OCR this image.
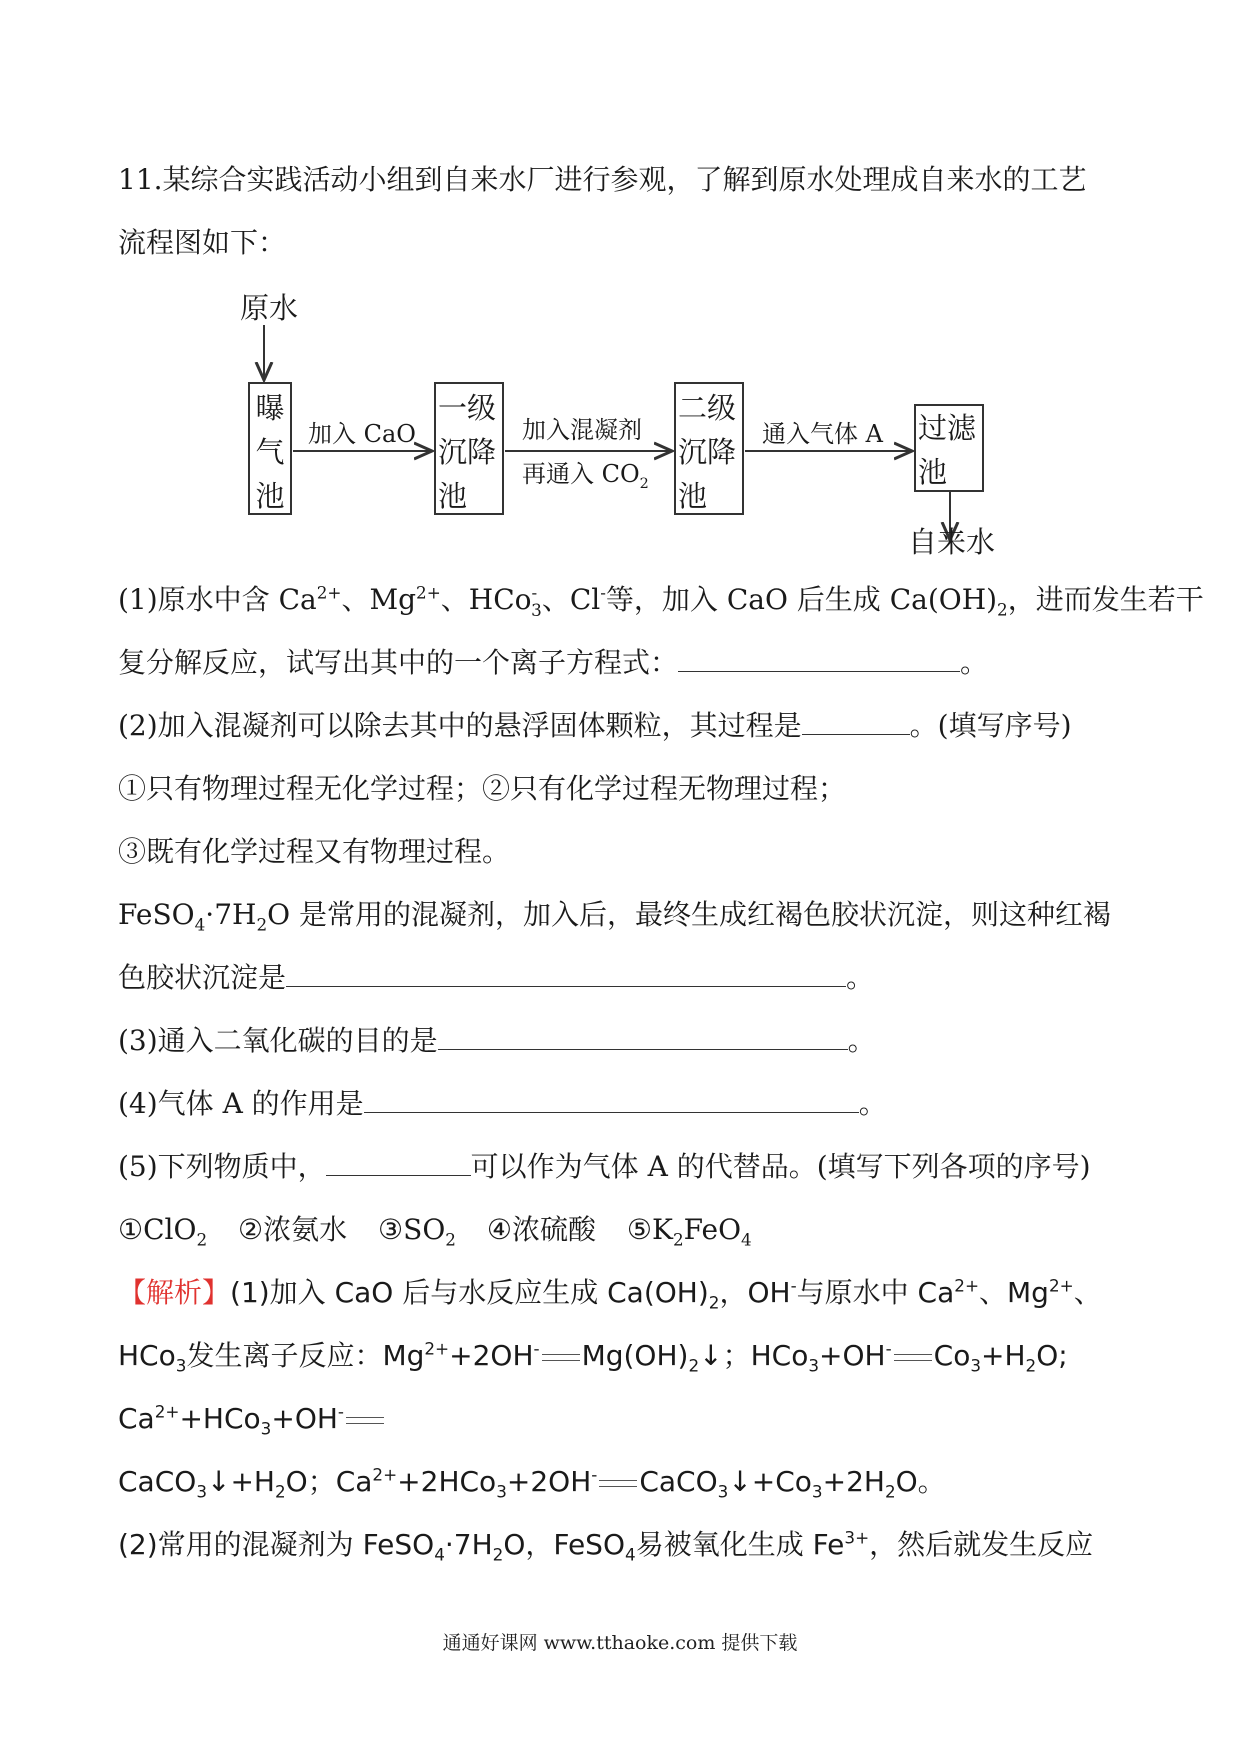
11.某综合实践活动小组到自来水厂进行参观，了解到原水处理成自来水的工艺
流程图如下：
原水
曝
气
池
加入 CaO
一级
沉降
池
加入混凝剂
再通入 $CO_2$
二级
沉降
池
通入气体 A 过滤
池
自来水
(1)原水中含 $Ca^{2+}$、$Mg^{2+}$、HCo-$_3$、Cl-等，加入 CaO 后生成 $Ca(OH)_2$，进而发生若干
复分解反应，试写出其中的一个离子方程式：	。
(2)加入混凝剂可以除去其中的悬浮固体颗粒，其过程是	。(填写序号)
①只有物理过程无化学过程；②只有化学过程无物理过程；
③既有化学过程又有物理过程。
$FeSO_4\cdot 7H_2O$ 是常用的混凝剂，加入后，最终生成红褐色胶状沉淀，则这种红褐
色胶状沉淀是	。
(3)通入二氧化碳的目的是	。
(4)气体 A 的作用是	。
(5)下列物质中，	可以作为气体 A 的代替品。(填写下列各项的序号)
①ClO$_2$ ②浓氨水 $③SO_2$ ④浓硫酸 $⑤K_2FeO_4$
【解析】(1)加入 CaO 后与水反应生成 $Ca(OH)_2$，OH-与原水中 $Ca^{2+}$、$Mg^{2+}$、
HCo$_3$发生离子反应：$Mg^{2+}+2OH^-$ $Mg(OH)_2↓$；HCo$_3$+OH- $Co_3+H_2O$;
$Ca^{2+}+HCo_3+OH^-$
$CaCO_3↓+H_2O$；$Ca^{2+}+2HCo_3+2OH^-$ $CaCO_3↓+Co_3+2H_2O$。
(2)常用的混凝剂为 $FeSO_4\cdot 7H_2O$，FeSO$_4$易被氧化生成 $Fe^{3+}$，然后就发生反应
通通好课网 www.tthaoke.com 提供下载
